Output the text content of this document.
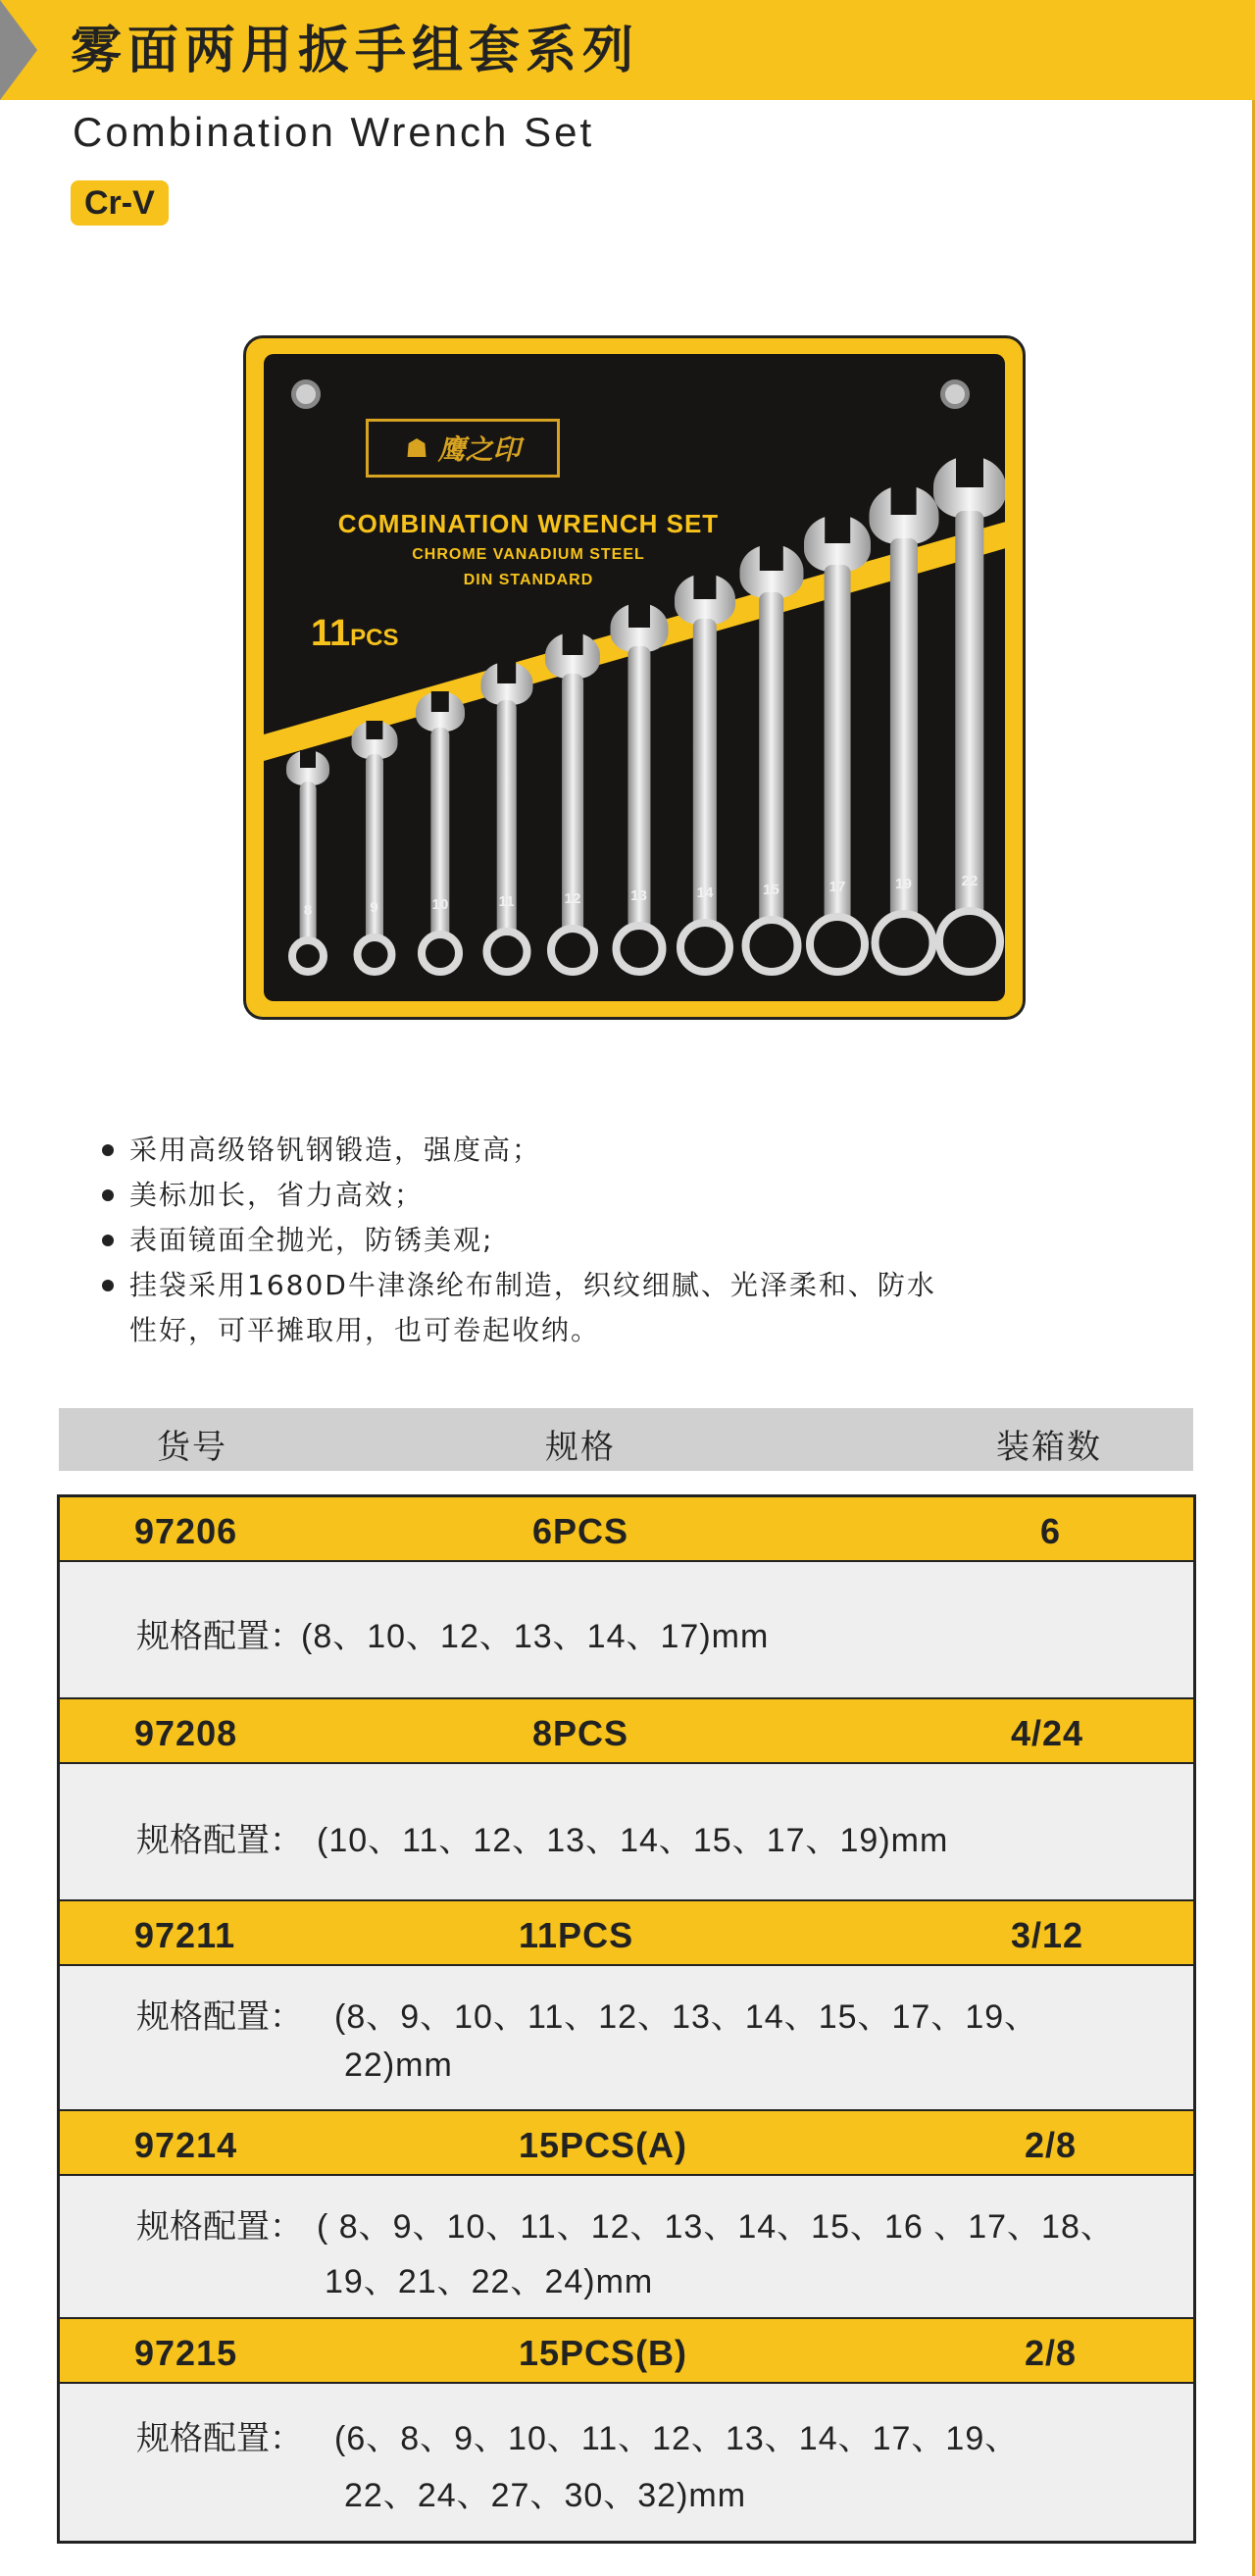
雾面两用扳手组套系列
Combination Wrench Set
Cr-V
☗ 鹰之印
COMBINATION WRENCH SET
CHROME VANADIUM STEEL
DIN STANDARD
11PCS
8	9	10	11	12	13	14	15	17	19	22
采用高级铬钒钢锻造，强度高；
美标加长，省力高效；
表面镜面全抛光，防锈美观;
挂袋采用1680D牛津涤纶布制造，织纹细腻、光泽柔和、防水性好，可平摊取用，也可卷起收纳。
货号	规格	装箱数
97206	6PCS	6
规格配置：
(8、10、12、13、14、17)mm
97208	8PCS	4/24
规格配置： (10、11、12、13、14、15、17、19)mm
97211	11PCS	3/12
规格配置： (8、9、10、11、12、13、14、15、17、19、
22)mm
97214	15PCS(A)	2/8
规格配置： ( 8、9、10、11、12、13、14、15、16 、17、18、
19、21、22、24)mm
97215	15PCS(B)	2/8
规格配置： (6、8、9、10、11、12、13、14、17、19、
22、24、27、30、32)mm
